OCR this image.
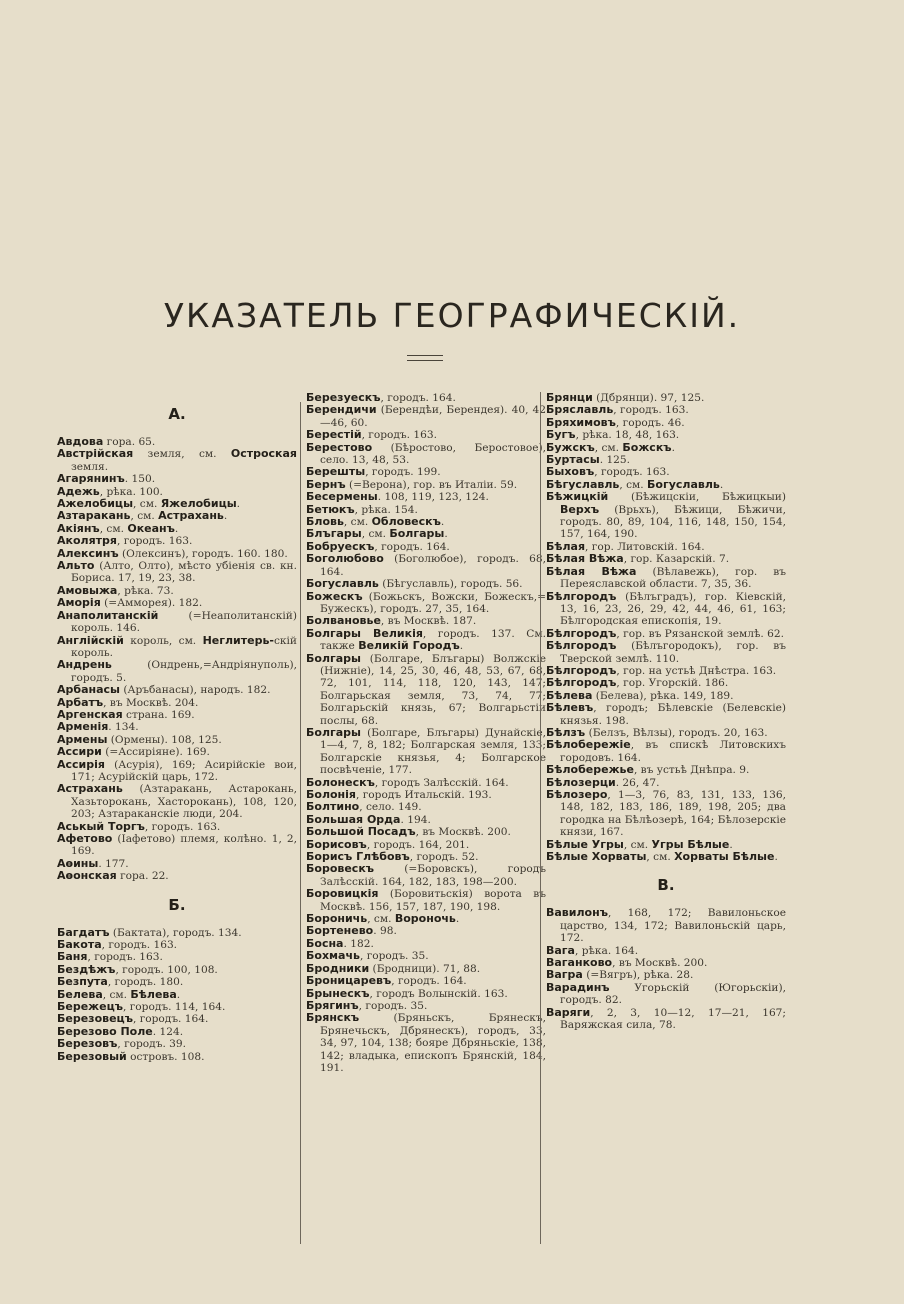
УКАЗАТЕЛЬ ГЕОГРАФИЧЕСКІЙ.
А.
Авдова гора. 65.
Австрійская земля, см. Остроская земля.
Агарянинъ. 150.
Адежь, рѣка. 100.
Ажелобицы, см. Яжелобицы.
Азтаракань, см. Астрахань.
Акіянъ, см. Океанъ.
Аколятря, городъ. 163.
Алексинъ (Олексинъ), городъ. 160. 180.
Альто (Алто, Олто), мѣсто убіенія св. кн. Бориса. 17, 19, 23, 38.
Амовыжа, рѣка. 73.
Аморія (=Амморея). 182.
Анаполитанскій (=Неаполитанскій) король. 146.
Англійскій король, см. Неглитерь-скій король.
Андрень (Ондрень,=Андріянуполь), городъ. 5.
Арбанасы (Аръбанасы), народъ. 182.
Арбатъ, въ Москвѣ. 204.
Аргенская страна. 169.
Арменія. 134.
Армены (Ормены). 108, 125.
Ассири (=Ассиріяне). 169.
Ассирія (Асурія), 169; Асирійскіе вои, 171; Асурійскій царь, 172.
Астрахань (Азтаракань, Астарокань, Хазьторокань, Хасторокань), 108, 120, 203; Азтараканскіе люди, 204.
Аськый Торгъ, городъ. 163.
Афетово (Іафетово) племя, колѣно. 1, 2, 169.
Аѳины. 177.
Аѳонская гора. 22.
Б.
Багдатъ (Бактата), городъ. 134.
Бакота, городъ. 163.
Баня, городъ. 163.
Бездѣжъ, городъ. 100, 108.
Безпута, городъ. 180.
Белева, см. Бѣлева.
Бережецъ, городъ. 114, 164.
Березовецъ, городъ. 164.
Березово Поле. 124.
Березовъ, городъ. 39.
Березовый островъ. 108.
Березуескъ, городъ. 164.
Берендичи (Берендѣи, Берендея). 40, 42—46, 60.
Берестій, городъ. 163.
Берестово (Бѣростово, Беростовое), село. 13, 48, 53.
Берешты, городъ. 199.
Бернъ (=Верона), гор. въ Италіи. 59.
Бесермены. 108, 119, 123, 124.
Бетюкъ, рѣка. 154.
Бловь, см. Обловескъ.
Блъгары, см. Болгары.
Бобруескъ, городъ. 164.
Боголюбово (Боголюбое), городъ. 68, 164.
Богуславль (Бѣгуславль), городъ. 56.
Божескъ (Божьскъ, Вожски, Божескъ,= Бужескъ), городъ. 27, 35, 164.
Болвановье, въ Москвѣ. 187.
Болгары Великія, городъ. 137. См. также Великій Городъ.
Болгары (Болгаре, Блъгары) Волжскіе (Нижніе), 14, 25, 30, 46, 48, 53, 67, 68, 72, 101, 114, 118, 120, 143, 147; Болгарьская земля, 73, 74, 77; Болгарьскій князь, 67; Волгарьстіи послы, 68.
Болгары (Болгаре, Блъгары) Дунайскіе, 1—4, 7, 8, 182; Болгарская земля, 133; Болгарскіе князья, 4; Болгарское посвѣченіе, 177.
Болонескъ, городъ Залѣсскій. 164.
Болонія, городъ Итальскій. 193.
Болтино, село. 149.
Большая Орда. 194.
Большой Посадъ, въ Москвѣ. 200.
Борисовъ, городъ. 164, 201.
Борисъ Глѣбовъ, городъ. 52.
Боровескъ (=Боровскъ), городъ Залѣсскій. 164, 182, 183, 198—200.
Боровицкія (Боровитьскія) ворота въ Москвѣ. 156, 157, 187, 190, 198.
Бороничь, см. Вороночь.
Бортенево. 98.
Босна. 182.
Бохмачь, городъ. 35.
Бродники (Бродници). 71, 88.
Броницаревъ, городъ. 164.
Брынескъ, городъ Волынскій. 163.
Брягинъ, городъ. 35.
Брянскъ (Бряньскъ, Брянескъ, Брянечьскъ, Дбрянескъ), городъ, 33, 34, 97, 104, 138; бояре Дбряньскіе, 138, 142; владыка, епископъ Брянскій, 184, 191.
Брянци (Дбрянци). 97, 125.
Бряславль, городъ. 163.
Бряхимовъ, городъ. 46.
Бугъ, рѣка. 18, 48, 163.
Бужскъ, см. Божскъ.
Буртасы. 125.
Быховъ, городъ. 163.
Бѣгуславль, см. Богуславль.
Бѣжицкій (Бѣжицскіи, Бѣжицкыи) Верхъ (Врьхъ), Бѣжици, Бѣжичи, городъ. 80, 89, 104, 116, 148, 150, 154, 157, 164, 190.
Бѣлая, гор. Литовскій. 164.
Бѣлая Вѣжа, гор. Казарскій. 7.
Бѣлая Вѣжа (Вѣлавежь), гор. въ Переяславской области. 7, 35, 36.
Бѣлгородъ (Бѣлъградъ), гор. Кіевскій, 13, 16, 23, 26, 29, 42, 44, 46, 61, 163; Бѣлгородская епископія, 19.
Бѣлгородъ, гор. въ Рязанской землѣ. 62.
Бѣлгородъ (Бѣлъгородокъ), гор. въ Тверской землѣ. 110.
Бѣлгородъ, гор. на устьѣ Днѣстра. 163.
Бѣлгородъ, гор. Угорскій. 186.
Бѣлева (Белева), рѣка. 149, 189.
Бѣлевъ, городъ; Бѣлевскіе (Белевскіе) князья. 198.
Бѣлзъ (Белзъ, Вѣлзы), городъ. 20, 163.
Бѣлобережіе, въ спискѣ Литовскихъ городовъ. 164.
Бѣлобережье, въ устьѣ Днѣпра. 9.
Бѣлозерци. 26, 47.
Бѣлозеро, 1—3, 76, 83, 131, 133, 136, 148, 182, 183, 186, 189, 198, 205; два городка на Бѣлѣозерѣ, 164; Бѣлозерскіе князи, 167.
Бѣлые Угры, см. Угры Бѣлые.
Бѣлые Хорваты, см. Хорваты Бѣлые.
В.
Вавилонъ, 168, 172; Вавилоньское царство, 134, 172; Вавилоньскій царь, 172.
Вага, рѣка. 164.
Ваганково, въ Москвѣ. 200.
Вагра (=Вягръ), рѣка. 28.
Варадинъ Угорьскій (Югорьскіи), городъ. 82.
Варяги, 2, 3, 10—12, 17—21, 167; Варяжская сила, 78.
